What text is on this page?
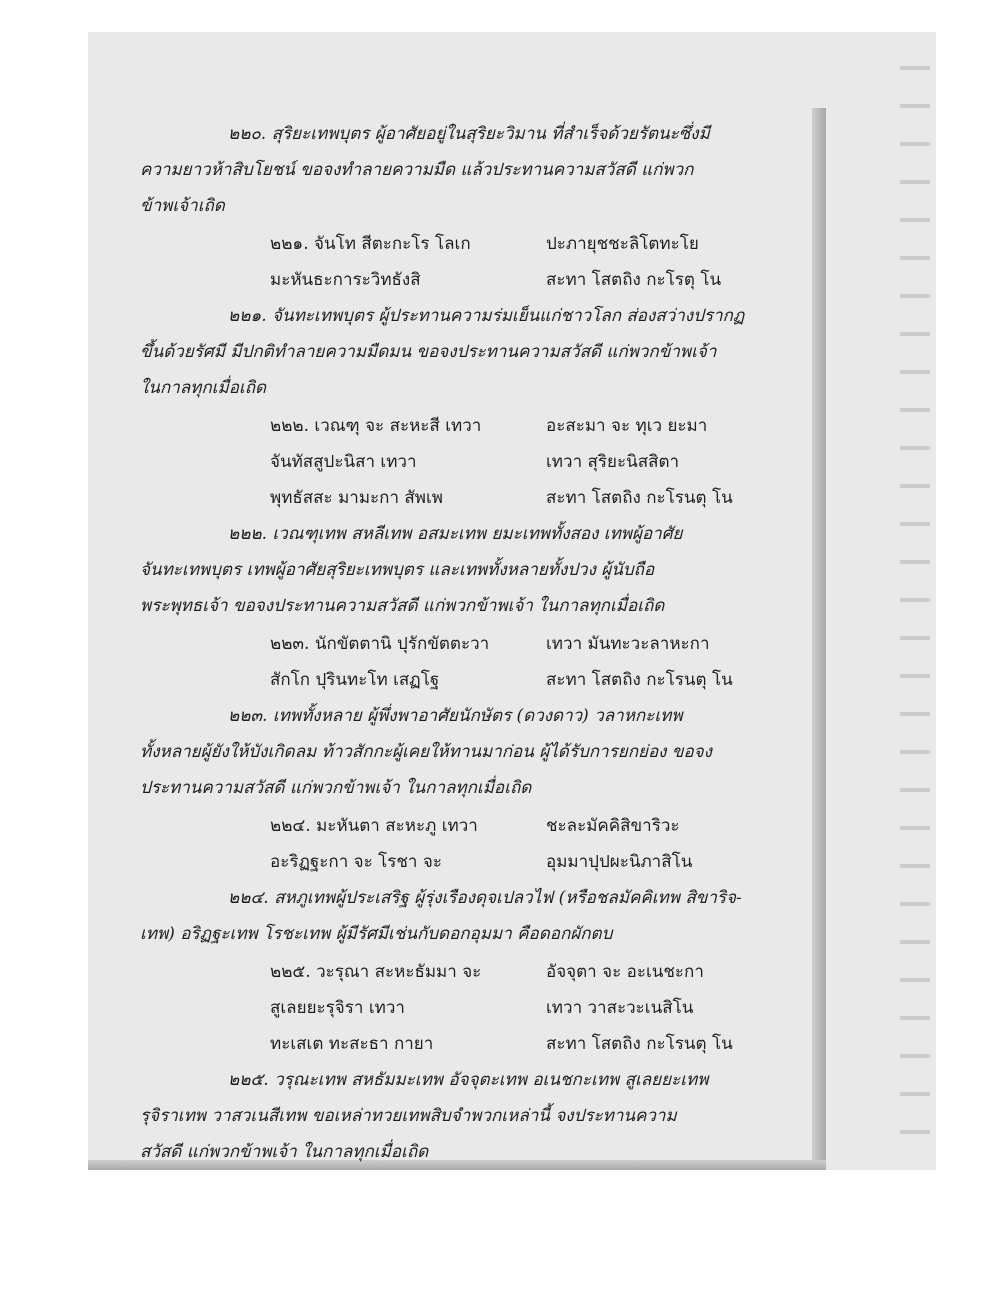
๒๒๐. สุริยะเทพบุตร ผู้อาศัยอยู่ในสุริยะวิมาน ที่สำเร็จด้วยรัตนะซึ่งมี
ความยาวห้าสิบโยชน์ ขอจงทำลายความมืด แล้วประทานความสวัสดี แก่พวก
ข้าพเจ้าเถิด
๒๒๑. จันโท สีตะกะโร โลเก	ปะภายุชชะลิโตทะโย
มะหันธะการะวิทธังสิ	สะทา โสตถิง กะโรตุ โน
๒๒๑. จันทะเทพบุตร ผู้ประทานความร่มเย็นแก่ชาวโลก ส่องสว่างปรากฏ
ขึ้นด้วยรัศมี มีปกติทำลายความมืดมน ขอจงประทานความสวัสดี แก่พวกข้าพเจ้า
ในกาลทุกเมื่อเถิด
๒๒๒. เวณฑุ จะ สะหะสี เทวา	อะสะมา จะ ทุเว ยะมา
จันทัสสูปะนิสา เทวา	เทวา สุริยะนิสสิตา
พุทธัสสะ มามะกา สัพเพ	สะทา โสตถิง กะโรนตุ โน
๒๒๒. เวณฑุเทพ สหลีเทพ อสมะเทพ ยมะเทพทั้งสอง เทพผู้อาศัย
จันทะเทพบุตร เทพผู้อาศัยสุริยะเทพบุตร และเทพทั้งหลายทั้งปวง ผู้นับถือ
พระพุทธเจ้า ขอจงประทานความสวัสดี แก่พวกข้าพเจ้า ในกาลทุกเมื่อเถิด
๒๒๓. นักขัตตานิ ปุรักขัตตะวา	เทวา มันทะวะลาหะกา
สักโก ปุรินทะโท เสฏโฐ	สะทา โสตถิง กะโรนตุ โน
๒๒๓. เทพทั้งหลาย ผู้พึ่งพาอาศัยนักษัตร (ดวงดาว) วลาหกะเทพ
ทั้งหลายผู้ยังให้บังเกิดลม ท้าวสักกะผู้เคยให้ทานมาก่อน ผู้ได้รับการยกย่อง ขอจง
ประทานความสวัสดี แก่พวกข้าพเจ้า ในกาลทุกเมื่อเถิด
๒๒๔. มะหันตา สะหะภู เทวา	ชะละมัคคิสิขาริวะ
อะริฏฐะกา จะ โรชา จะ	อุมมาปุปผะนิภาสิโน
๒๒๔. สหภูเทพผู้ประเสริฐ ผู้รุ่งเรืองดุจเปลวไฟ (หรือชลมัคคิเทพ สิขาริจ-
เทพ) อริฏฐะเทพ โรชะเทพ ผู้มีรัศมีเช่นกับดอกอุมมา คือดอกผักตบ
๒๒๕. วะรุณา สะหะธัมมา จะ	อัจจุตา จะ อะเนชะกา
สูเลยยะรุจิรา เทวา	เทวา วาสะวะเนสิโน
ทะเสเต ทะสะธา กายา	สะทา โสตถิง กะโรนตุ โน
๒๒๕. วรุณะเทพ สหธัมมะเทพ อัจจุตะเทพ อเนชกะเทพ สูเลยยะเทพ
รุจิราเทพ วาสวเนสีเทพ ขอเหล่าทวยเทพสิบจำพวกเหล่านี้ จงประทานความ
สวัสดี แก่พวกข้าพเจ้า ในกาลทุกเมื่อเถิด
